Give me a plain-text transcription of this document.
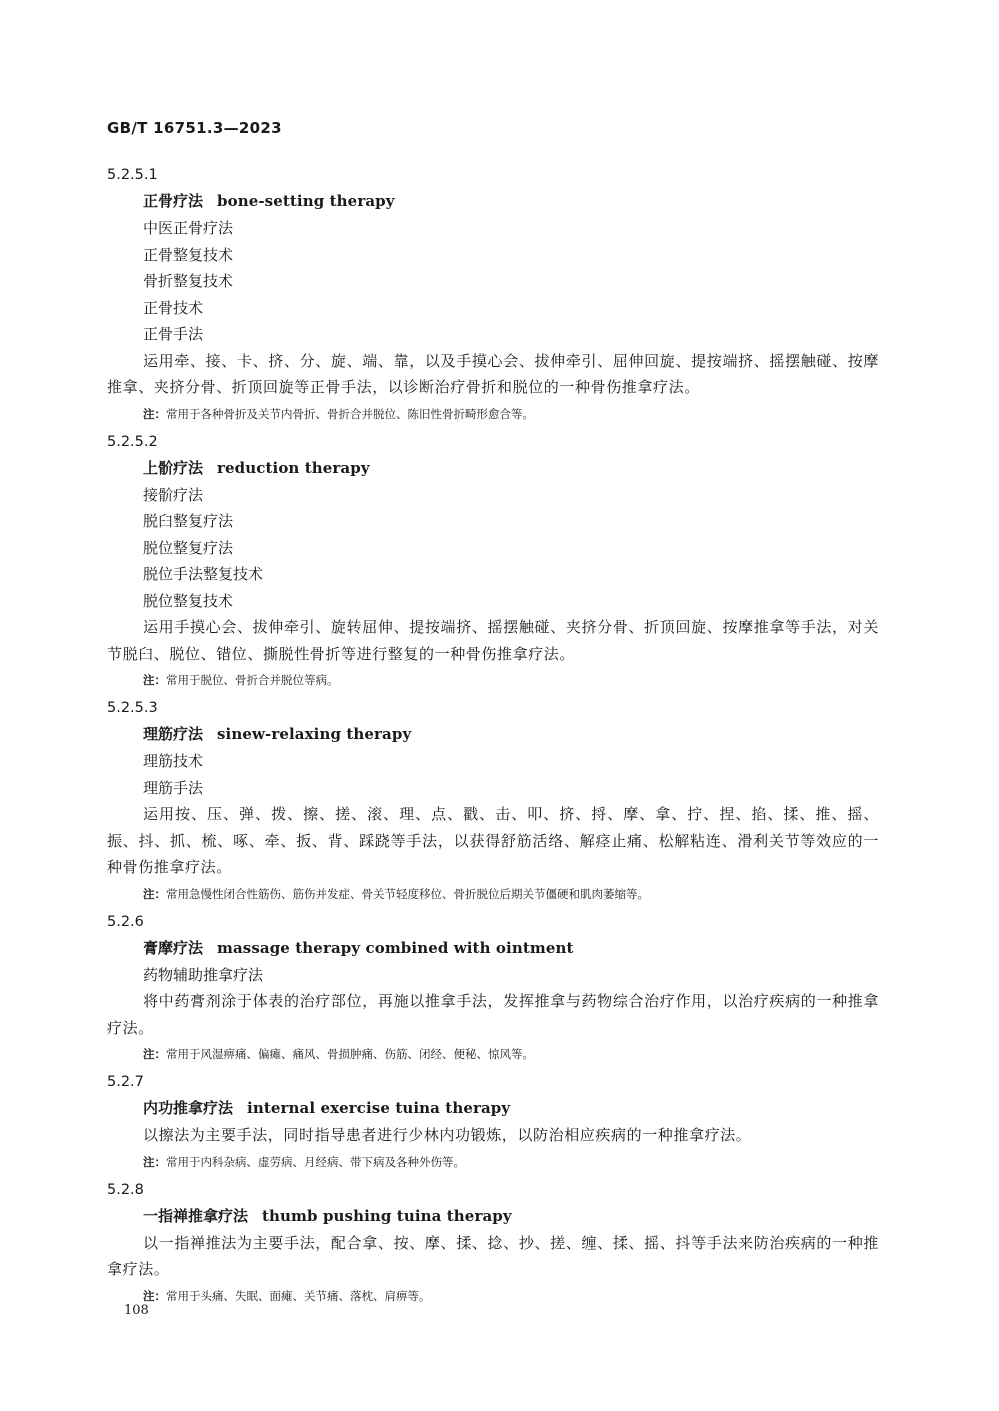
GB/T 16751.3—2023
5.2.5.1
正骨疗法 bone-setting therapy
中医正骨疗法
正骨整复技术
骨折整复技术
正骨技术
正骨手法

运用牵、接、卡、挤、分、旋、端、靠，以及手摸心会、拔伸牵引、屈伸回旋、提按端挤、摇摆触碰、按摩推拿、夹挤分骨、折顶回旋等正骨手法，以诊断治疗骨折和脱位的一种骨伤推拿疗法。

注：常用于各种骨折及关节内骨折、骨折合并脱位、陈旧性骨折畸形愈合等。
5.2.5.2
上骱疗法 reduction therapy
接骱疗法
脱臼整复疗法
脱位整复疗法
脱位手法整复技术
脱位整复技术

运用手摸心会、拔伸牵引、旋转屈伸、提按端挤、摇摆触碰、夹挤分骨、折顶回旋、按摩推拿等手法，对关节脱臼、脱位、错位、撕脱性骨折等进行整复的一种骨伤推拿疗法。

注：常用于脱位、骨折合并脱位等病。
5.2.5.3
理筋疗法 sinew-relaxing therapy
理筋技术
理筋手法

运用按、压、弹、拨、擦、搓、滚、理、点、戳、击、叩、挤、捋、摩、拿、拧、捏、掐、揉、推、摇、振、抖、抓、梳、啄、牵、扳、背、踩跷等手法，以获得舒筋活络、解痉止痛、松解粘连、滑利关节等效应的一种骨伤推拿疗法。

注：常用急慢性闭合性筋伤、筋伤并发症、骨关节轻度移位、骨折脱位后期关节僵硬和肌肉萎缩等。
5.2.6
膏摩疗法 massage therapy combined with ointment
药物辅助推拿疗法

将中药膏剂涂于体表的治疗部位，再施以推拿手法，发挥推拿与药物综合治疗作用，以治疗疾病的一种推拿疗法。

注：常用于风湿痹痛、偏瘫、痛风、骨损肿痛、伤筋、闭经、便秘、惊风等。
5.2.7
内功推拿疗法 internal exercise tuina therapy

以擦法为主要手法，同时指导患者进行少林内功锻炼，以防治相应疾病的一种推拿疗法。

注：常用于内科杂病、虚劳病、月经病、带下病及各种外伤等。
5.2.8
一指禅推拿疗法 thumb pushing tuina therapy

以一指禅推法为主要手法，配合拿、按、摩、揉、捻、抄、搓、缠、揉、摇、抖等手法来防治疾病的一种推拿疗法。

注：常用于头痛、失眠、面瘫、关节痛、落枕、肩痹等。
108
